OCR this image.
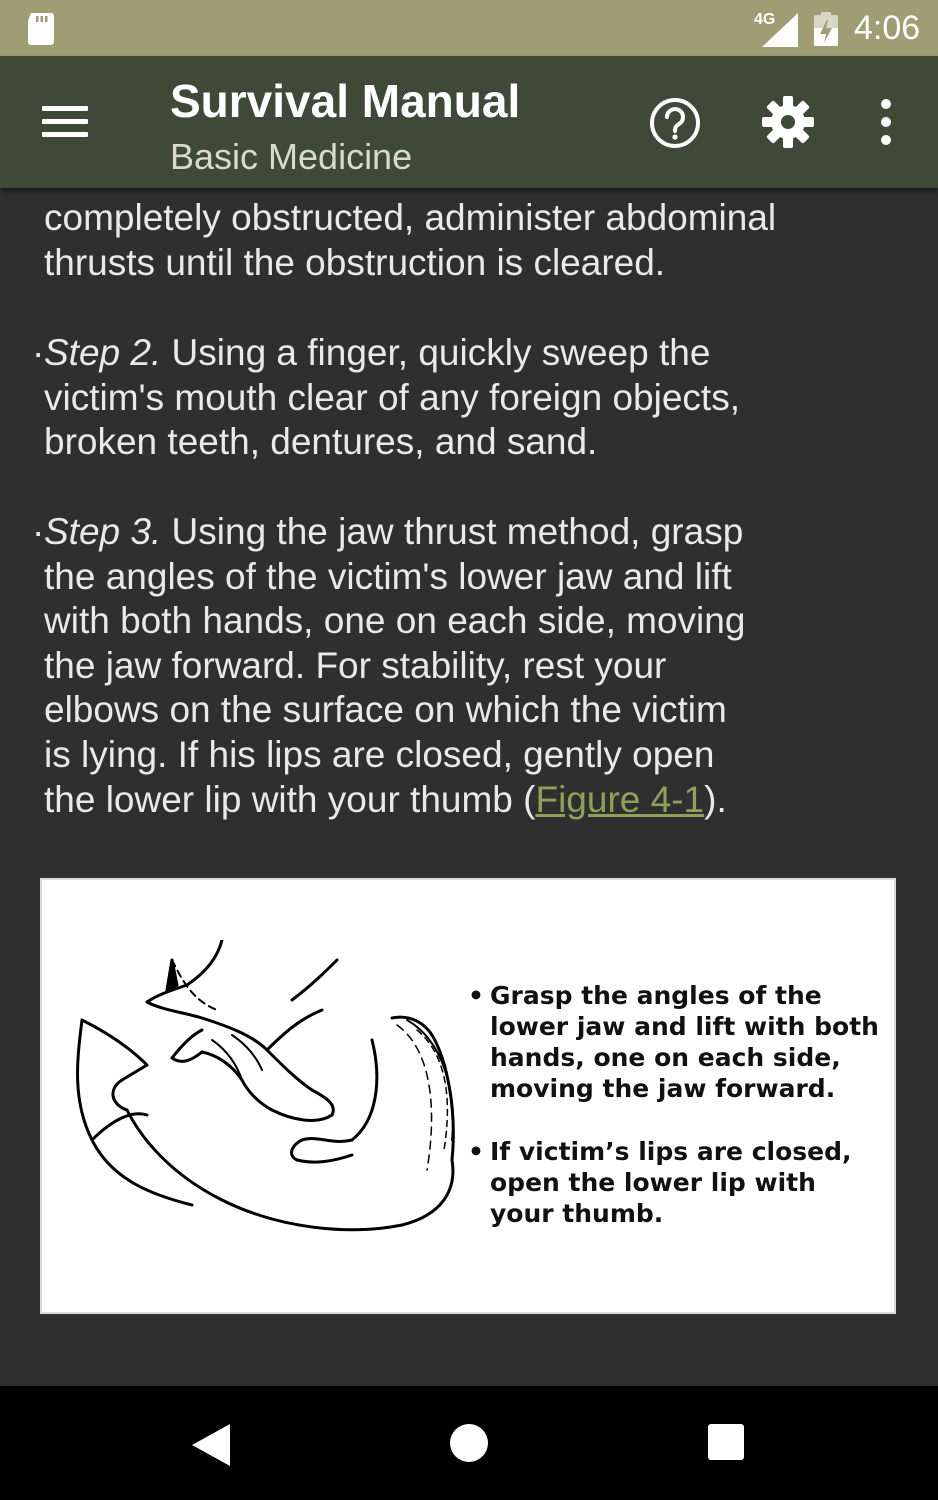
4G 4:06
Survival Manual
Basic Medicine

completely obstructed, administer abdominal
thrusts until the obstruction is cleared.

· Step 2. Using a finger, quickly sweep the victim's mouth clear of any foreign objects, broken teeth, dentures, and sand.

· Step 3. Using the jaw thrust method, grasp the angles of the victim's lower jaw and lift with both hands, one on each side, moving the jaw forward. For stability, rest your elbows on the surface on which the victim is lying. If his lips are closed, gently open the lower lip with your thumb (Figure 4-1).

• Grasp the angles of the lower jaw and lift with both hands, one on each side, moving the jaw forward.
• If victim’s lips are closed, open the lower lip with your thumb.
